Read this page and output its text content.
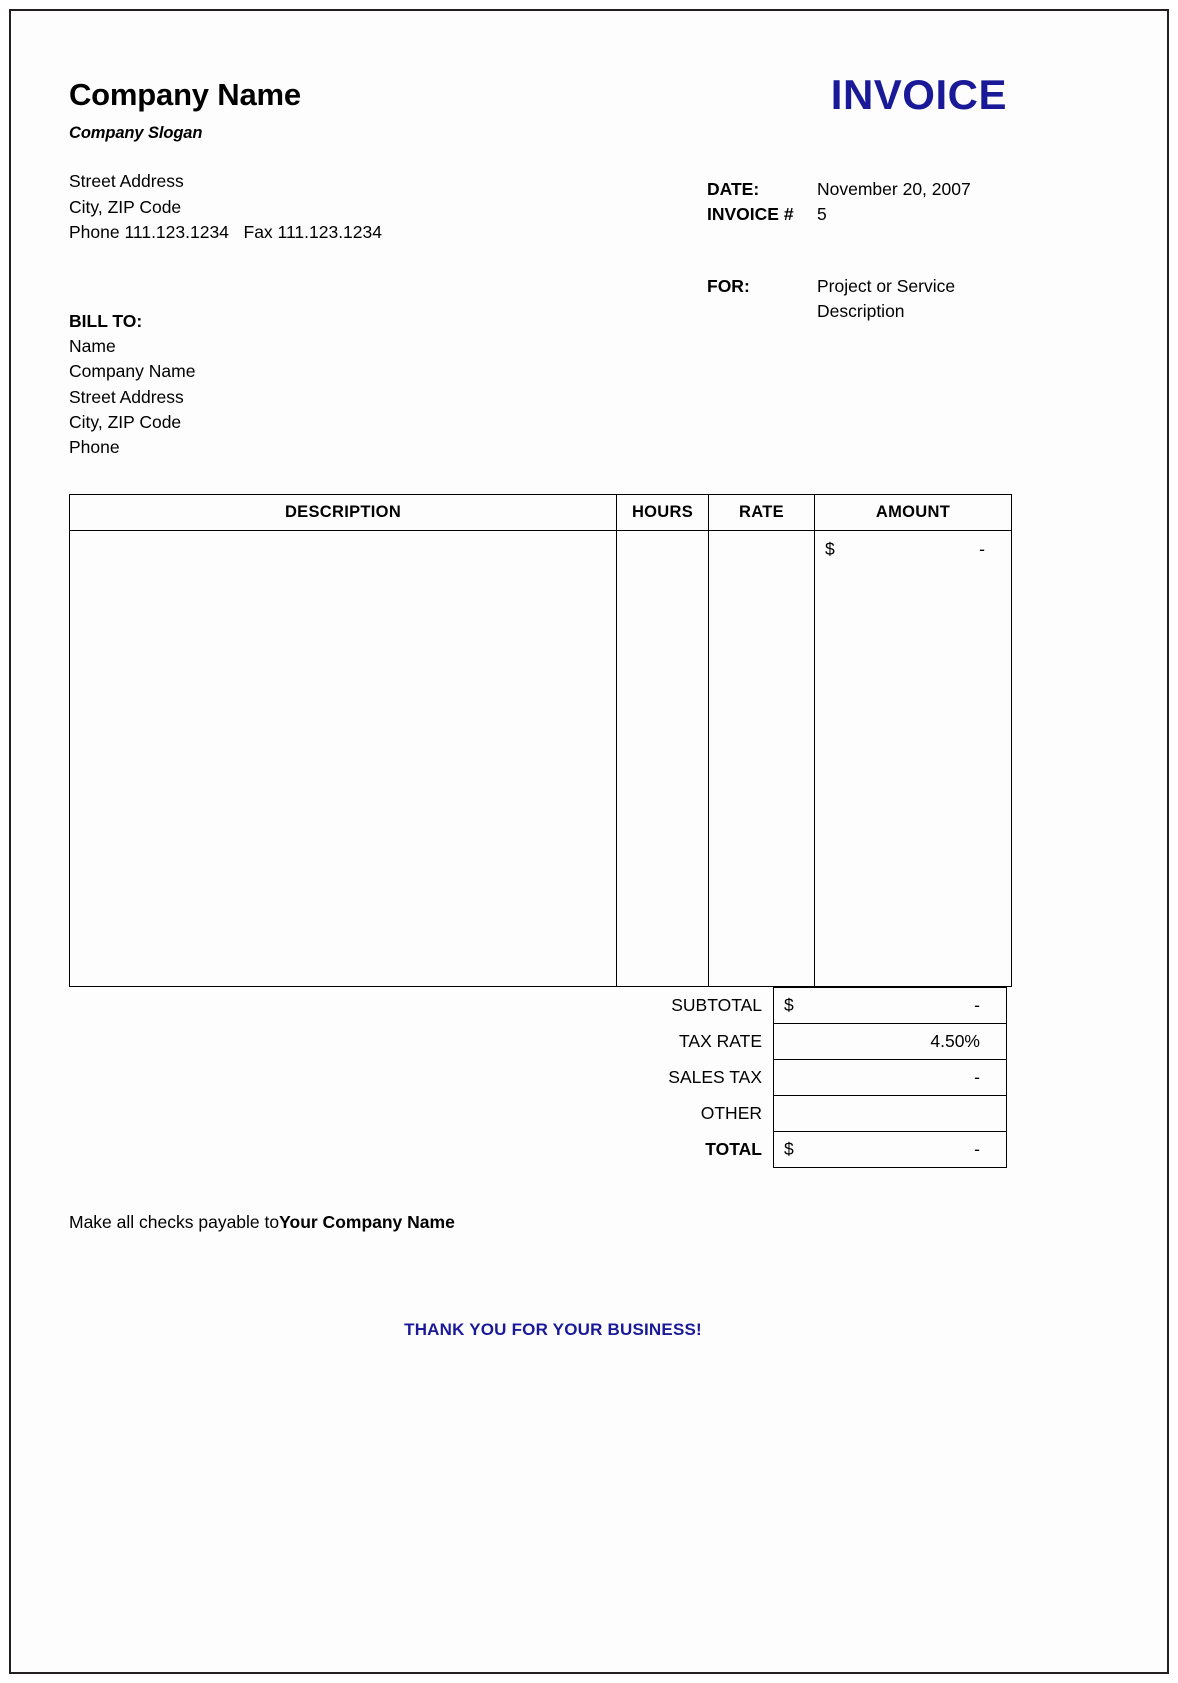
Company Name
Company Slogan
INVOICE
Street Address
City, ZIP Code
Phone 111.123.1234   Fax 111.123.1234
DATE:	November 20, 2007
INVOICE #	5
BILL TO:
Name
Company Name
Street Address
City, ZIP Code
Phone
FOR:	Project or Service
Description
DESCRIPTION	HOURS	RATE	AMOUNT

			$ -
SUBTOTAL	$ -

TAX RATE	4.50%

SALES TAX	-

OTHER	

TOTAL	$ -
Make all checks payable toYour Company Name
THANK YOU FOR YOUR BUSINESS!
